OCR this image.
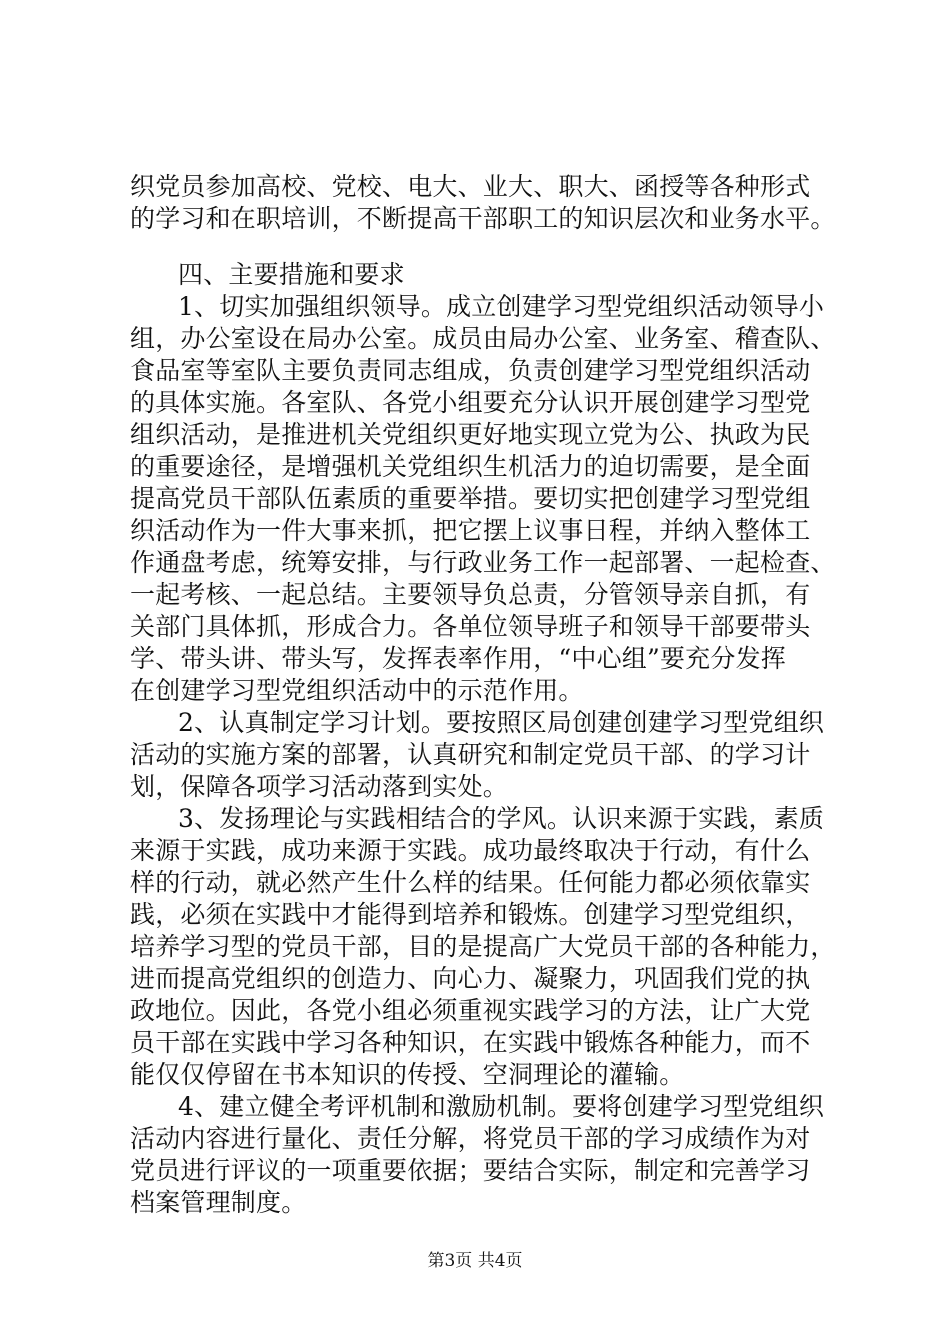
织党员参加高校、党校、电大、业大、职大、函授等各种形式
的学习和在职培训，不断提高干部职工的知识层次和业务水平。
四、主要措施和要求
1、切实加强组织领导。成立创建学习型党组织活动领导小
组，办公室设在局办公室。成员由局办公室、业务室、稽查队、
食品室等室队主要负责同志组成，负责创建学习型党组织活动
的具体实施。各室队、各党小组要充分认识开展创建学习型党
组织活动，是推进机关党组织更好地实现立党为公、执政为民
的重要途径，是增强机关党组织生机活力的迫切需要，是全面
提高党员干部队伍素质的重要举措。要切实把创建学习型党组
织活动作为一件大事来抓，把它摆上议事日程，并纳入整体工
作通盘考虑，统筹安排，与行政业务工作一起部署、一起检查、
一起考核、一起总结。主要领导负总责，分管领导亲自抓，有
关部门具体抓，形成合力。各单位领导班子和领导干部要带头
学、带头讲、带头写，发挥表率作用，“中心组”要充分发挥
在创建学习型党组织活动中的示范作用。
2、认真制定学习计划。要按照区局创建创建学习型党组织
活动的实施方案的部署，认真研究和制定党员干部、的学习计
划，保障各项学习活动落到实处。
3、发扬理论与实践相结合的学风。认识来源于实践，素质
来源于实践，成功来源于实践。成功最终取决于行动，有什么
样的行动，就必然产生什么样的结果。任何能力都必须依靠实
践，必须在实践中才能得到培养和锻炼。创建学习型党组织，
培养学习型的党员干部，目的是提高广大党员干部的各种能力，
进而提高党组织的创造力、向心力、凝聚力，巩固我们党的执
政地位。因此，各党小组必须重视实践学习的方法，让广大党
员干部在实践中学习各种知识，在实践中锻炼各种能力，而不
能仅仅停留在书本知识的传授、空洞理论的灌输。
4、建立健全考评机制和激励机制。要将创建学习型党组织
活动内容进行量化、责任分解，将党员干部的学习成绩作为对
党员进行评议的一项重要依据；要结合实际，制定和完善学习
档案管理制度。
第3页 共4页
